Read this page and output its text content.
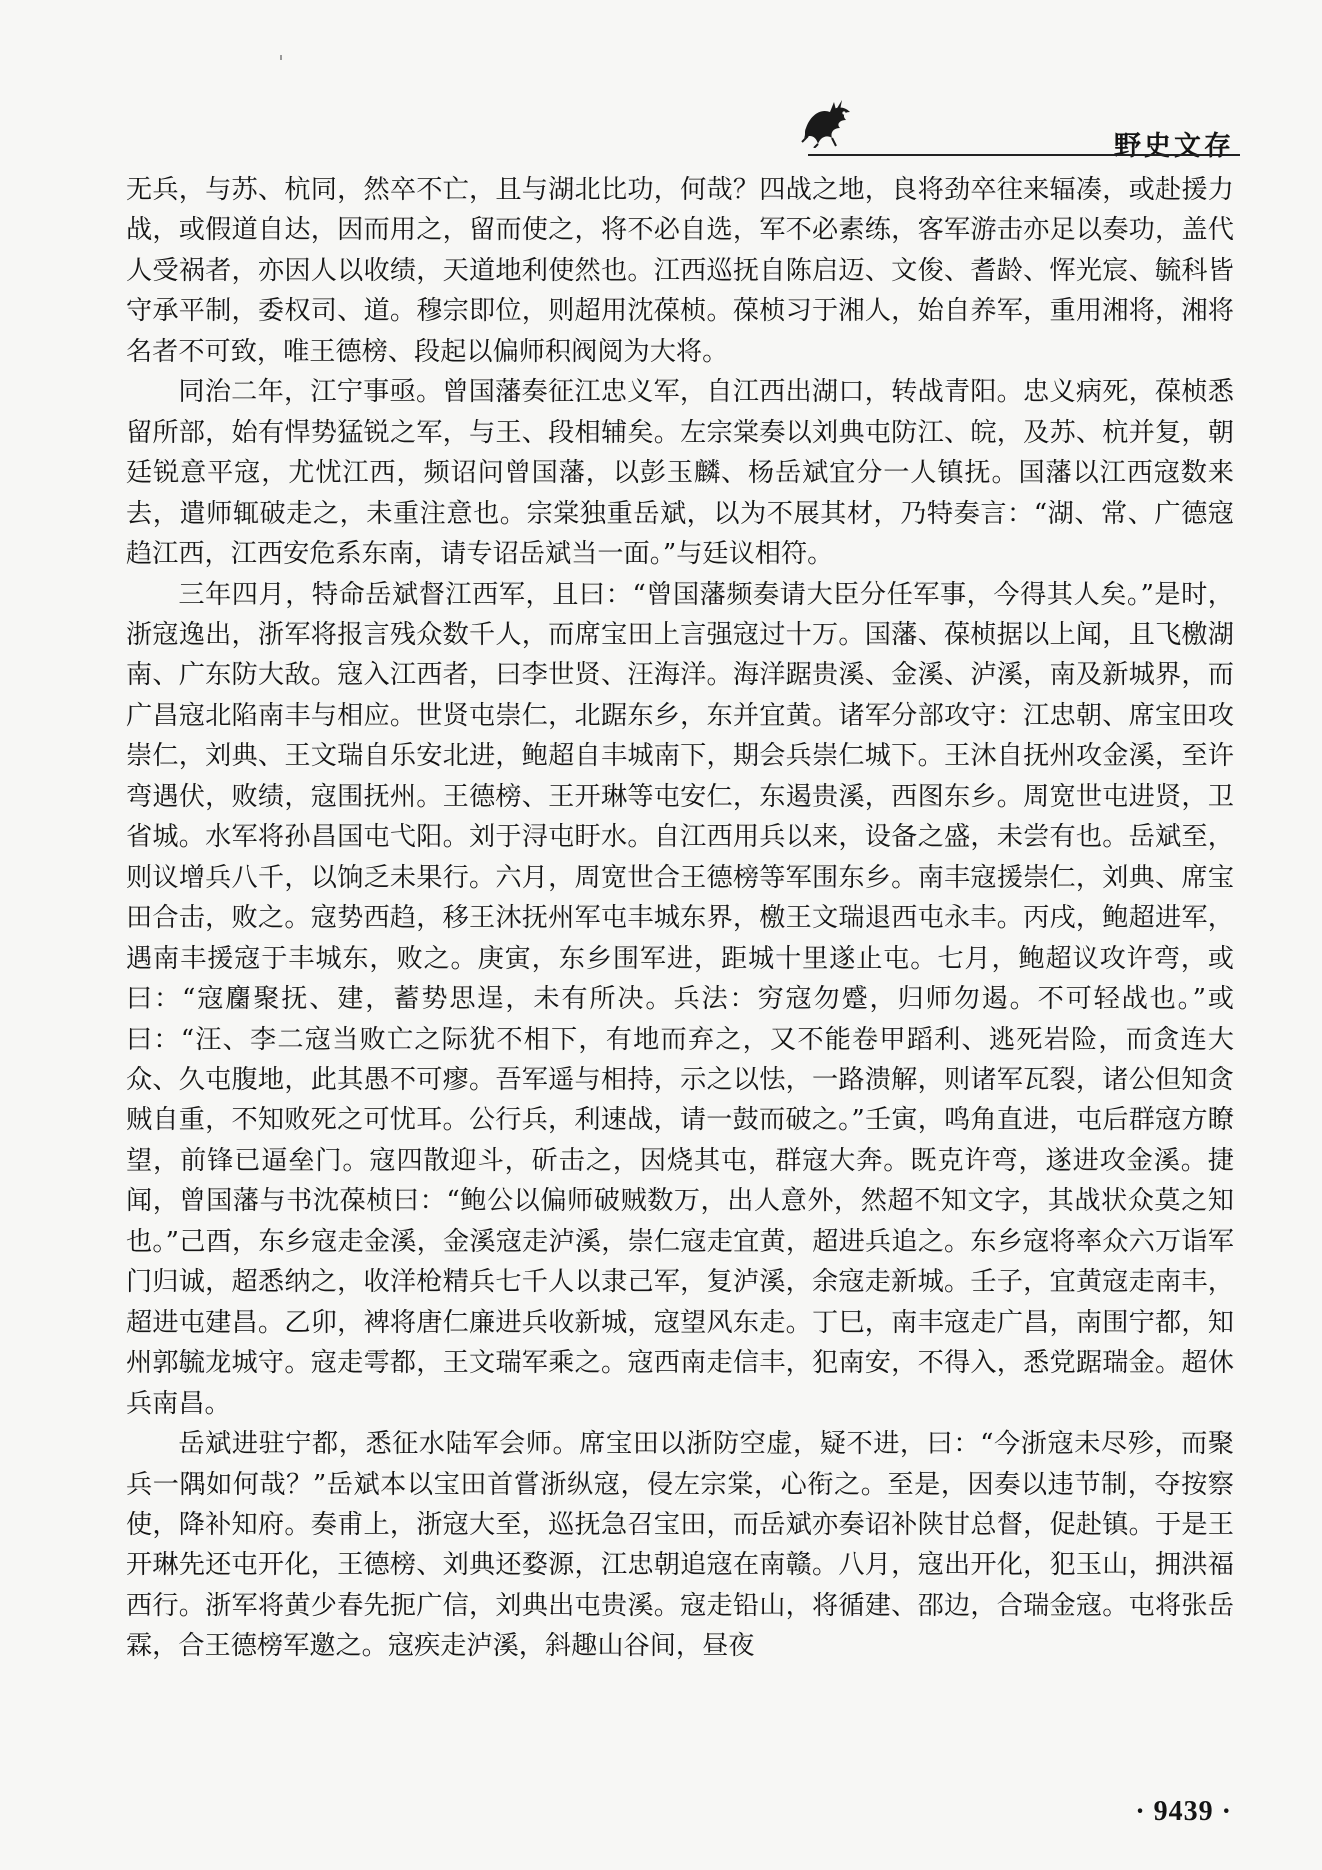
野史文存

无兵，与苏、杭同，然卒不亡，且与湖北比功，何哉？四战之地，良将劲卒往来辐凑，或赴援力战，或假道自达，因而用之，留而使之，将不必自选，军不必素练，客军游击亦足以奏功，盖代人受祸者，亦因人以收绩，天道地利使然也。江西巡抚自陈启迈、文俊、耆龄、恽光宸、毓科皆守承平制，委权司、道。穆宗即位，则超用沈葆桢。葆桢习于湘人，始自养军，重用湘将，湘将名者不可致，唯王德榜、段起以偏师积阀阅为大将。

同治二年，江宁事亟。曾国藩奏征江忠义军，自江西出湖口，转战青阳。忠义病死，葆桢悉留所部，始有悍势猛锐之军，与王、段相辅矣。左宗棠奏以刘典屯防江、皖，及苏、杭并复，朝廷锐意平寇，尤忧江西，频诏问曾国藩，以彭玉麟、杨岳斌宜分一人镇抚。国藩以江西寇数来去，遣师辄破走之，未重注意也。宗棠独重岳斌，以为不展其材，乃特奏言：“湖、常、广德寇趋江西，江西安危系东南，请专诏岳斌当一面。”与廷议相符。

三年四月，特命岳斌督江西军，且曰：“曾国藩频奏请大臣分任军事，今得其人矣。”是时，浙寇逸出，浙军将报言残众数千人，而席宝田上言强寇过十万。国藩、葆桢据以上闻，且飞檄湖南、广东防大敌。寇入江西者，曰李世贤、汪海洋。海洋踞贵溪、金溪、泸溪，南及新城界，而广昌寇北陷南丰与相应。世贤屯崇仁，北踞东乡，东并宜黄。诸军分部攻守：江忠朝、席宝田攻崇仁，刘典、王文瑞自乐安北进，鲍超自丰城南下，期会兵崇仁城下。王沐自抚州攻金溪，至许弯遇伏，败绩，寇围抚州。王德榜、王开琳等屯安仁，东遏贵溪，西图东乡。周宽世屯进贤，卫省城。水军将孙昌国屯弋阳。刘于浔屯盱水。自江西用兵以来，设备之盛，未尝有也。岳斌至，则议增兵八千，以饷乏未果行。六月，周宽世合王德榜等军围东乡。南丰寇援崇仁，刘典、席宝田合击，败之。寇势西趋，移王沐抚州军屯丰城东界，檄王文瑞退西屯永丰。丙戌，鲍超进军，遇南丰援寇于丰城东，败之。庚寅，东乡围军进，距城十里遂止屯。七月，鲍超议攻许弯，或曰：“寇麕聚抚、建，蓄势思逞，未有所决。兵法：穷寇勿蹙，归师勿遏。不可轻战也。”或曰：“汪、李二寇当败亡之际犹不相下，有地而弃之，又不能卷甲蹈利、逃死岩险，而贪连大众、久屯腹地，此其愚不可瘳。吾军遥与相持，示之以怯，一路溃解，则诸军瓦裂，诸公但知贪贼自重，不知败死之可忧耳。公行兵，利速战，请一鼓而破之。”壬寅，鸣角直进，屯后群寇方瞭望，前锋已逼垒门。寇四散迎斗，斫击之，因烧其屯，群寇大奔。既克许弯，遂进攻金溪。捷闻，曾国藩与书沈葆桢曰：“鲍公以偏师破贼数万，出人意外，然超不知文字，其战状众莫之知也。”己酉，东乡寇走金溪，金溪寇走泸溪，崇仁寇走宜黄，超进兵追之。东乡寇将率众六万诣军门归诚，超悉纳之，收洋枪精兵七千人以隶己军，复泸溪，余寇走新城。壬子，宜黄寇走南丰，超进屯建昌。乙卯，裨将唐仁廉进兵收新城，寇望风东走。丁巳，南丰寇走广昌，南围宁都，知州郭毓龙城守。寇走雩都，王文瑞军乘之。寇西南走信丰，犯南安，不得入，悉党踞瑞金。超休兵南昌。

岳斌进驻宁都，悉征水陆军会师。席宝田以浙防空虚，疑不进，曰：“今浙寇未尽殄，而聚兵一隅如何哉？”岳斌本以宝田首嘗浙纵寇，侵左宗棠，心衔之。至是，因奏以违节制，夺按察使，降补知府。奏甫上，浙寇大至，巡抚急召宝田，而岳斌亦奏诏补陕甘总督，促赴镇。于是王开琳先还屯开化，王德榜、刘典还婺源，江忠朝追寇在南赣。八月，寇出开化，犯玉山，拥洪福西行。浙军将黄少春先扼广信，刘典出屯贵溪。寇走铅山，将循建、邵边，合瑞金寇。屯将张岳霖，合王德榜军邀之。寇疾走泸溪，斜趣山谷间，昼夜

· 9439 ·
